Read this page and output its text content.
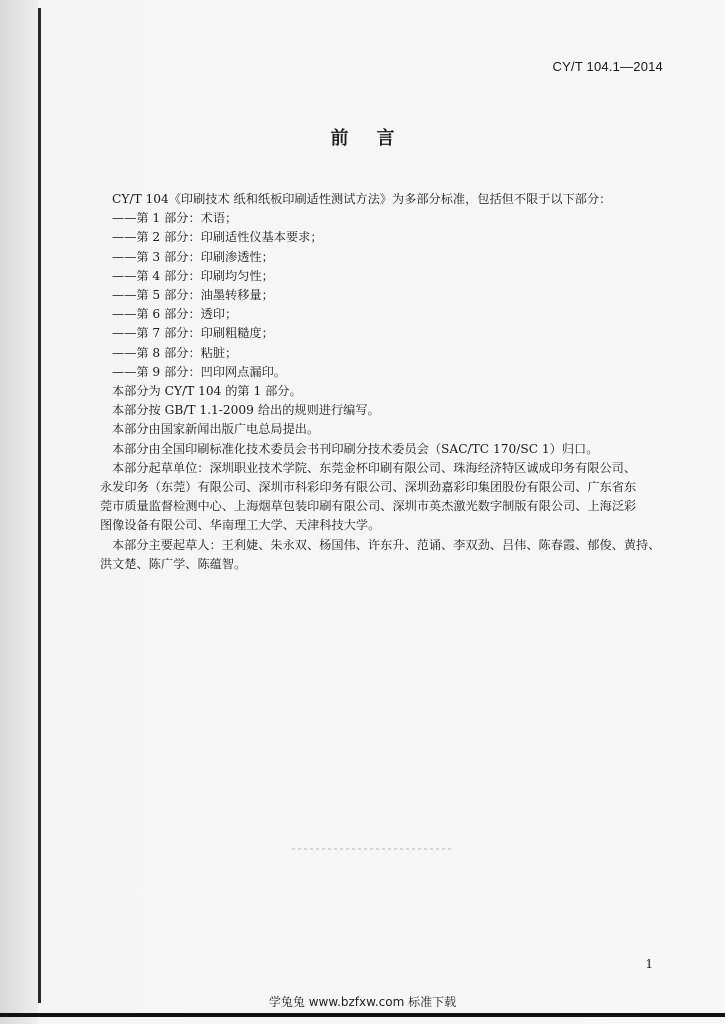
CY/T 104.1—2014
前言
CY/T 104《印刷技术 纸和纸板印刷适性测试方法》为多部分标准，包括但不限于以下部分：
——第 1 部分：术语；
——第 2 部分：印刷适性仪基本要求；
——第 3 部分：印刷渗透性；
——第 4 部分：印刷均匀性；
——第 5 部分：油墨转移量；
——第 6 部分：透印；
——第 7 部分：印刷粗糙度；
——第 8 部分：粘脏；
——第 9 部分：凹印网点漏印。
本部分为 CY/T 104 的第 1 部分。
本部分按 GB/T 1.1-2009 给出的规则进行编写。
本部分由国家新闻出版广电总局提出。
本部分由全国印刷标准化技术委员会书刊印刷分技术委员会（SAC/TC 170/SC 1）归口。
本部分起草单位：深圳职业技术学院、东莞金杯印刷有限公司、珠海经济特区诚成印务有限公司、
永发印务（东莞）有限公司、深圳市科彩印务有限公司、深圳劲嘉彩印集团股份有限公司、广东省东
莞市质量监督检测中心、上海烟草包装印刷有限公司、深圳市英杰激光数字制版有限公司、上海泛彩
图像设备有限公司、华南理工大学、天津科技大学。
本部分主要起草人：王利婕、朱永双、杨国伟、许东升、范诵、李双劲、吕伟、陈春霞、郁俊、黄持、
洪文楚、陈广学、陈蕴智。
1
学兔兔 www.bzfxw.com 标准下载
